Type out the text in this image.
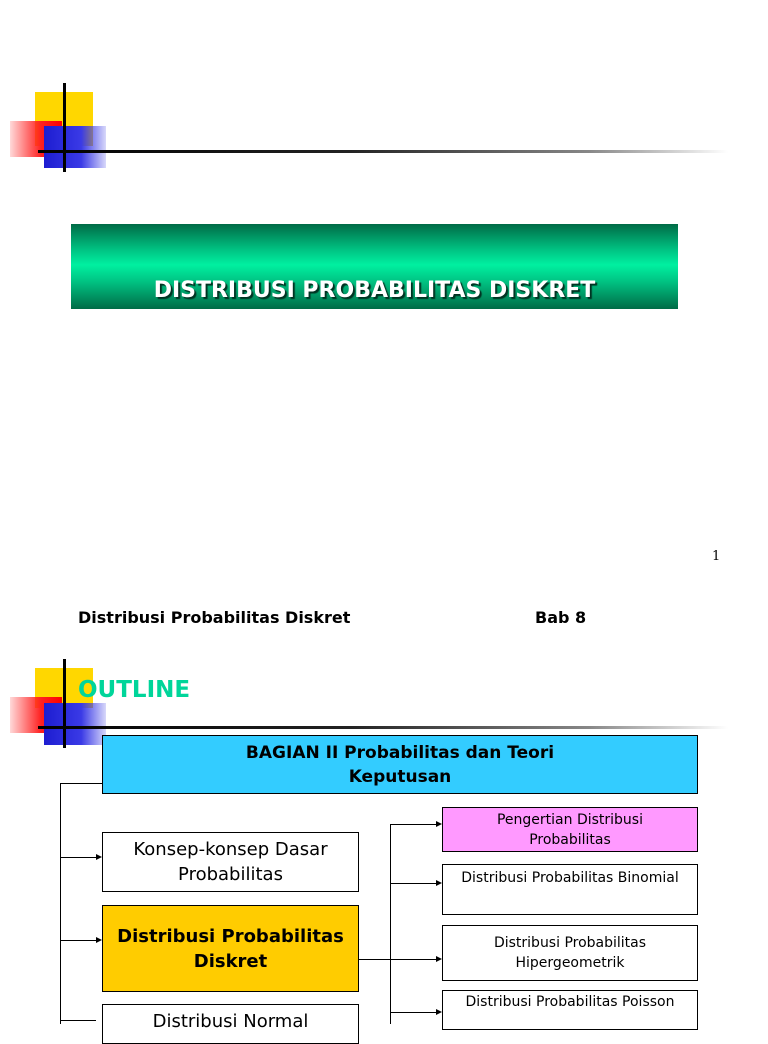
DISTRIBUSI PROBABILITAS DISKRET
1
Distribusi Probabilitas Diskret	Bab 8
OUTLINE
BAGIAN II Probabilitas dan Teori Keputusan
Konsep-konsep Dasar Probabilitas
Distribusi Probabilitas Diskret
Distribusi Normal
Pengertian Distribusi Probabilitas
Distribusi Probabilitas Binomial
Distribusi Probabilitas Hipergeometrik
Distribusi Probabilitas Poisson
